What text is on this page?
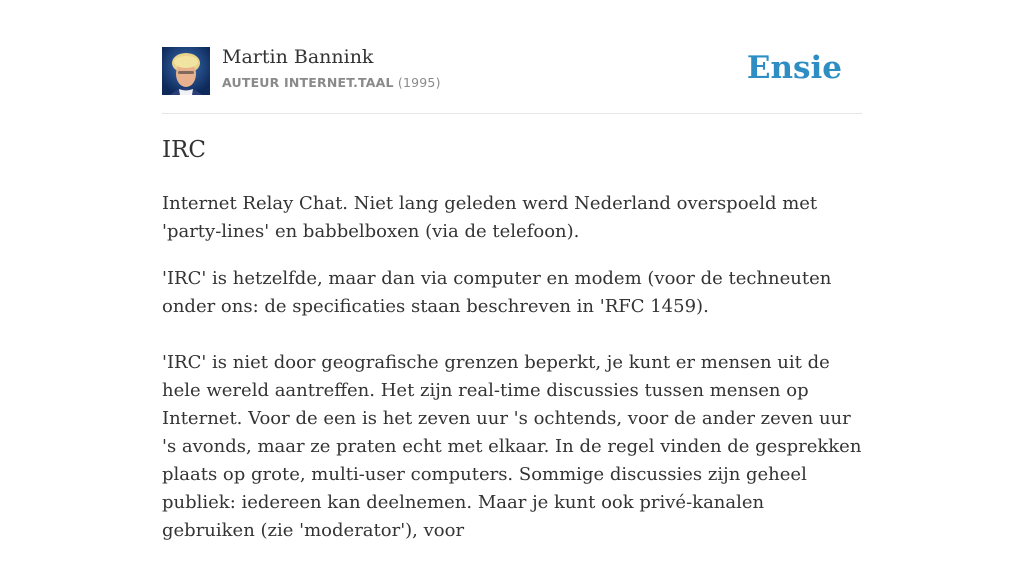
Martin Bannink
AUTEUR INTERNET.TAAL (1995)	Ensie
IRC

Internet Relay Chat. Niet lang geleden werd Nederland overspoeld met 'party-lines' en babbelboxen (via de telefoon).

'IRC' is hetzelfde, maar dan via computer en modem (voor de techneuten onder ons: de specificaties staan beschreven in 'RFC 1459).

'IRC' is niet door geografische grenzen beperkt, je kunt er mensen uit de hele wereld aantreffen. Het zijn real-time discussies tussen mensen op Internet. Voor de een is het zeven uur 's ochtends, voor de ander zeven uur 's avonds, maar ze praten echt met elkaar. In de regel vinden de gesprekken plaats op grote, multi-user computers. Sommige discussies zijn geheel publiek: iedereen kan deelnemen. Maar je kunt ook privé-kanalen gebruiken (zie 'moderator'), voor
